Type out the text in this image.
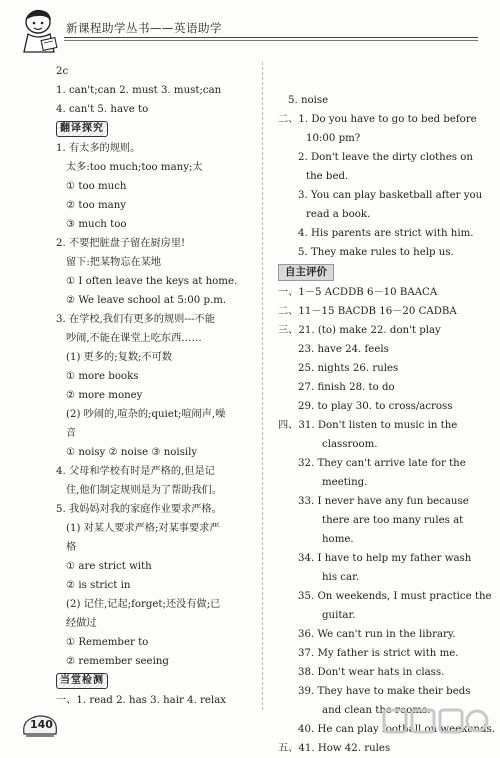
新课程助学丛书——英语助学
2c
1. can't;can 2. must 3. must;can
4. can't 5. have to
翻译探究
1. 有太多的规则。
太多:too much;too many;太
① too much
② too many
③ much too
2. 不要把脏盘子留在厨房里!
留下:把某物忘在某地
① I often leave the keys at home.
② We leave school at 5:00 p.m.
3. 在学校,我们有更多的规则---不能
吵闹,不能在课堂上吃东西……
(1) 更多的;复数;不可数
① more books
② more money
(2) 吵闹的,喧杂的;quiet;喧闹声,噪
音
① noisy ② noise ③ noisily
4. 父母和学校有时是严格的,但是记
住,他们制定规则是为了帮助我们。
5. 我妈妈对我的家庭作业要求严格。
(1) 对某人要求严格;对某事要求严
格
① are strict with
② is strict in
(2) 记住,记起;forget;还没有做;已
经做过
① Remember to
② remember seeing
当堂检测
一、1. read 2. has 3. hair 4. relax
5. noise
二、1. Do you have to go to bed before
10:00 pm?
2. Don't leave the dirty clothes on
the bed.
3. You can play basketball after you
read a book.
4. His parents are strict with him.
5. They make rules to help us.
自主评价
一、1－5 ACDDB 6－10 BAACA
二、11－15 BACDB 16－20 CADBA
三、21. (to) make 22. don't play
23. have 24. feels
25. nights 26. rules
27. finish 28. to do
29. to play 30. to cross/across
四、31. Don't listen to music in the
classroom.
32. They can't arrive late for the
meeting.
33. I never have any fun because
there are too many rules at
home.
34. I have to help my father wash
his car.
35. On weekends, I must practice the
guitar.
36. We can't run in the library.
37. My father is strict with me.
38. Don't wear hats in class.
39. They have to make their beds
and clean the rooms.
40. He can play football on weekends.
五、41. How 42. rules
140
